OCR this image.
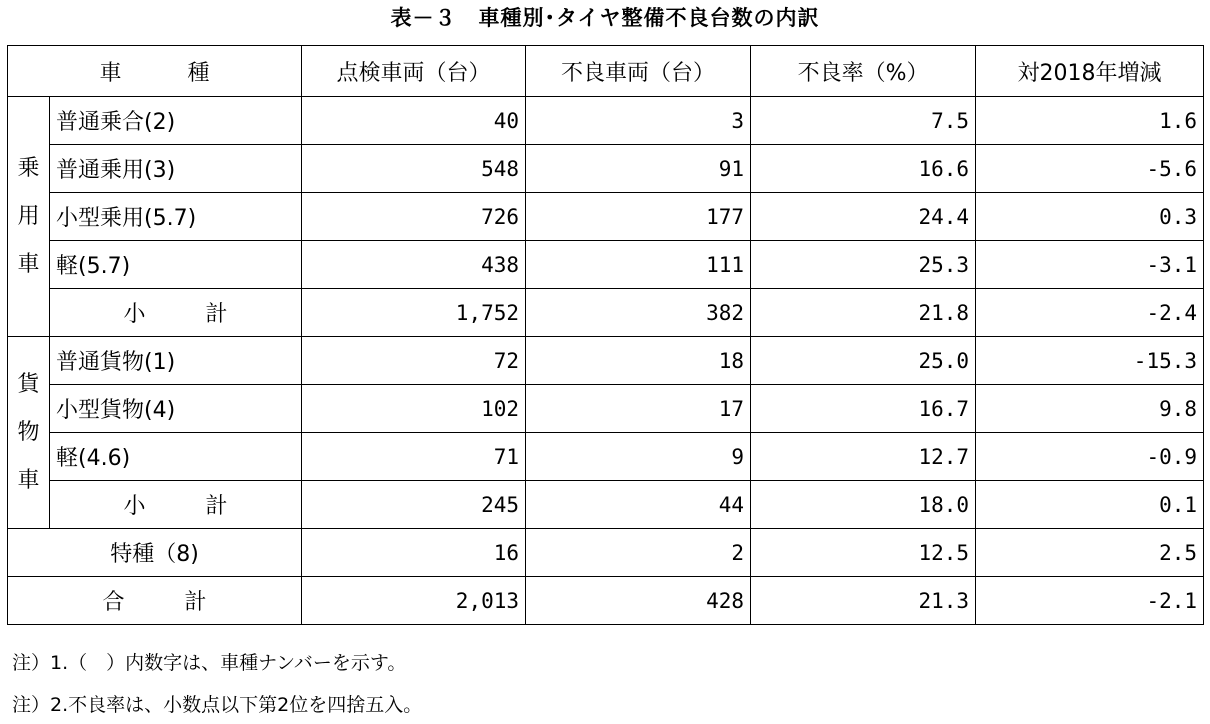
表－３　車種別･タイヤ整備不良台数の内訳
車　　　種		点検車両（台）	不良車両（台）	不良率（%）	対2018年増減

乗
用
車	普通乗合(2)	40	3	7.5	1.6
	普通乗用(3)	548	91	16.6	-5.6
	小型乗用(5.7)	726	177	24.4	0.3
	軽(5.7)	438	111	25.3	-3.1
	小 計	1,752	382	21.8	-2.4

貨
物
車	普通貨物(1)	72	18	25.0	-15.3
	小型貨物(4)	102	17	16.7	9.8
	軽(4.6)	71	9	12.7	-0.9
	小 計	245	44	18.0	0.1
特種（8)		16	2	12.5	2.5
合 計		2,013	428	21.3	-2.1
注）1.（　）内数字は、車種ナンバーを示す。
注）2.不良率は、小数点以下第2位を四捨五入。
